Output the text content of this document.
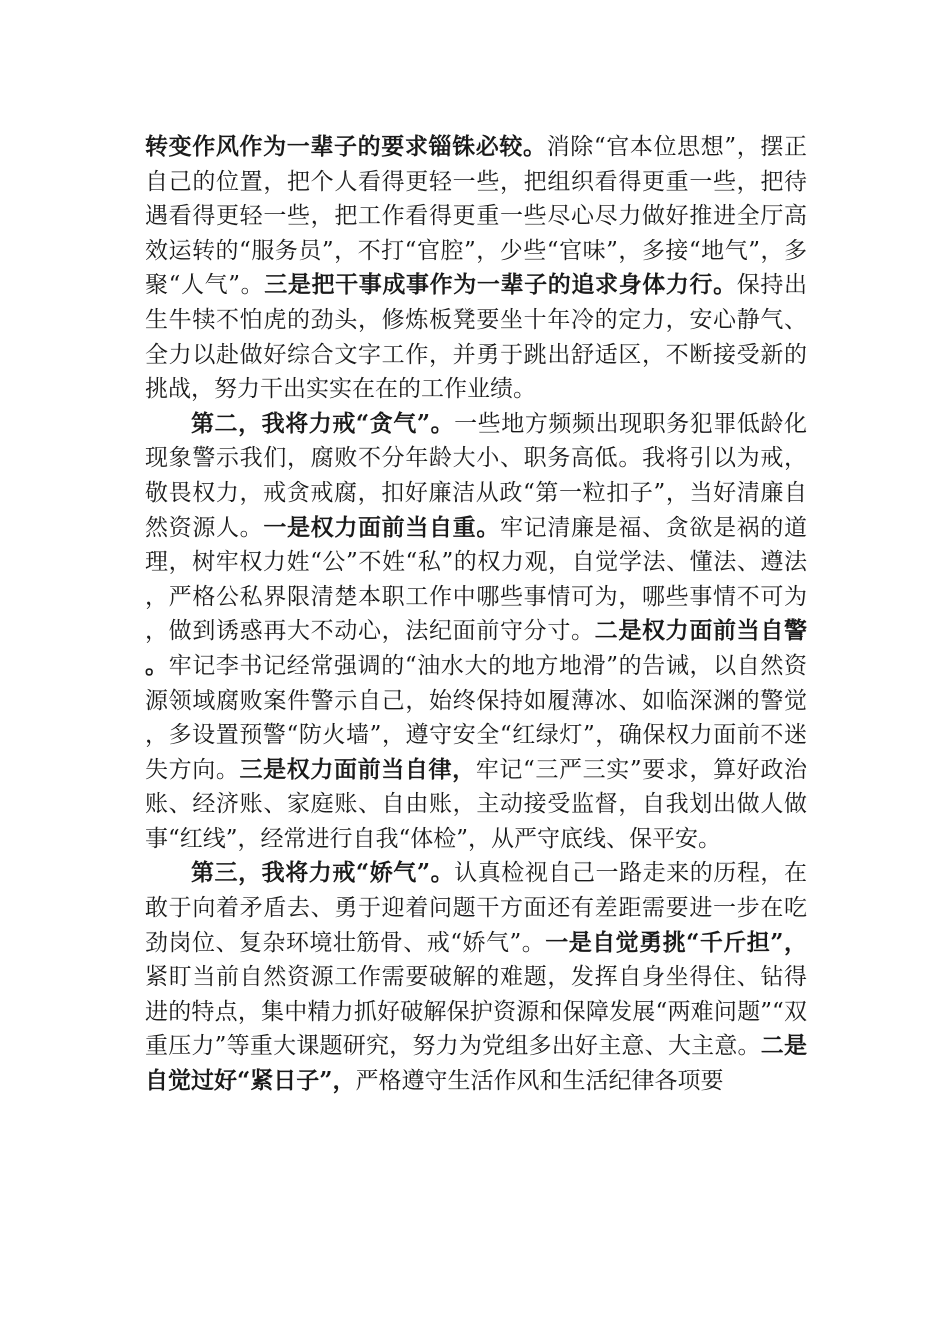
转变作风作为一辈子的要求锱铢必较。消除“官本位思想”，摆正自己的位置，把个人看得更轻一些，把组织看得更重一些，把待遇看得更轻一些，把工作看得更重一些尽心尽力做好推进全厅高效运转的“服务员”，不打“官腔”，少些“官味”，多接“地气”，多聚“人气”。三是把干事成事作为一辈子的追求身体力行。保持出生牛犊不怕虎的劲头，修炼板凳要坐十年冷的定力，安心静气、全力以赴做好综合文字工作，并勇于跳出舒适区，不断接受新的挑战，努力干出实实在在的工作业绩。

第二，我将力戒“贪气”。一些地方频频出现职务犯罪低龄化现象警示我们，腐败不分年龄大小、职务高低。我将引以为戒，敬畏权力，戒贪戒腐，扣好廉洁从政“第一粒扣子”，当好清廉自然资源人。一是权力面前当自重。牢记清廉是福、贪欲是祸的道理，树牢权力姓“公”不姓“私”的权力观，自觉学法、懂法、遵法，严格公私界限清楚本职工作中哪些事情可为，哪些事情不可为，做到诱惑再大不动心，法纪面前守分寸。二是权力面前当自警。牢记李书记经常强调的“油水大的地方地滑”的告诫，以自然资源领域腐败案件警示自己，始终保持如履薄冰、如临深渊的警觉，多设置预警“防火墙”，遵守安全“红绿灯”，确保权力面前不迷失方向。三是权力面前当自律，牢记“三严三实”要求，算好政治账、经济账、家庭账、自由账，主动接受监督，自我划出做人做事“红线”，经常进行自我“体检”，从严守底线、保平安。

第三，我将力戒“娇气”。认真检视自己一路走来的历程，在敢于向着矛盾去、勇于迎着问题干方面还有差距需要进一步在吃劲岗位、复杂环境壮筋骨、戒“娇气”。一是自觉勇挑“千斤担”，紧盯当前自然资源工作需要破解的难题，发挥自身坐得住、钻得进的特点，集中精力抓好破解保护资源和保障发展“两难问题”“双重压力”等重大课题研究，努力为党组多出好主意、大主意。二是自觉过好“紧日子”，严格遵守生活作风和生活纪律各项要
